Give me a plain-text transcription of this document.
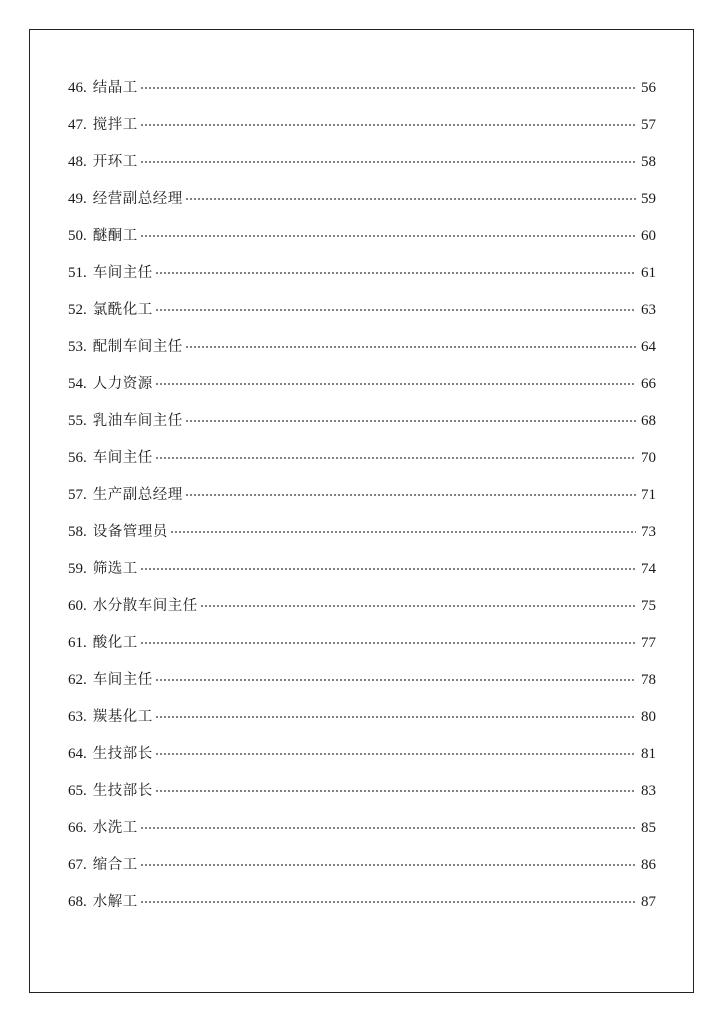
46. 结晶工	56
47. 搅拌工	57
48. 开环工	58
49. 经营副总经理	59
50. 醚酮工	60
51. 车间主任	61
52. 氯酰化工	63
53. 配制车间主任	64
54. 人力资源	66
55. 乳油车间主任	68
56. 车间主任	70
57. 生产副总经理	71
58. 设备管理员	73
59. 筛选工	74
60. 水分散车间主任	75
61. 酸化工	77
62. 车间主任	78
63. 羰基化工	80
64. 生技部长	81
65. 生技部长	83
66. 水洗工	85
67. 缩合工	86
68. 水解工	87
